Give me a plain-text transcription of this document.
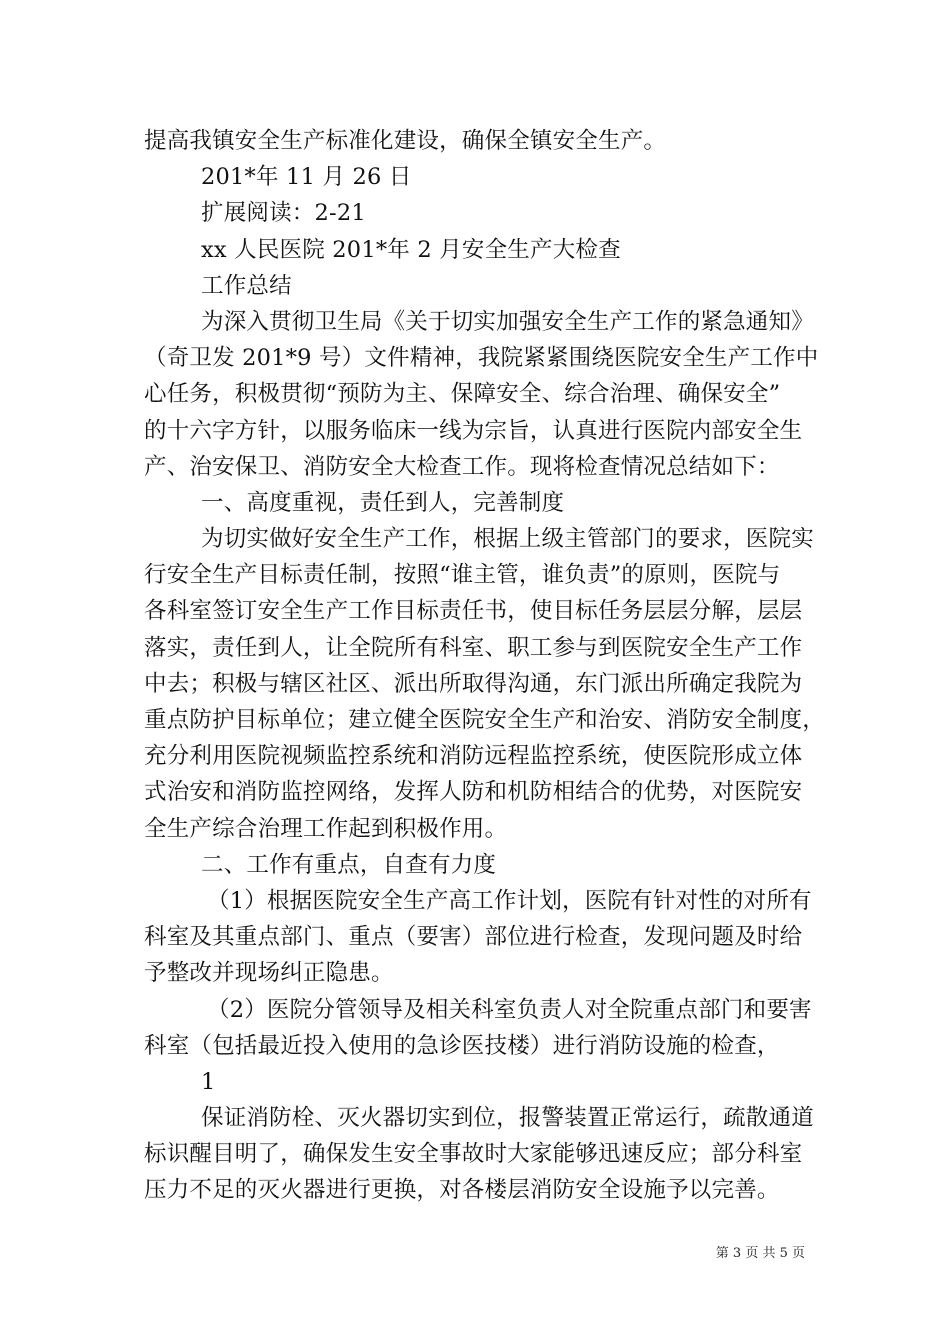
提高我镇安全生产标准化建设，确保全镇安全生产。
201*年 11 月 26 日
扩展阅读：2-21
xx 人民医院 201*年 2 月安全生产大检查
工作总结
为深入贯彻卫生局《关于切实加强安全生产工作的紧急通知》
（奇卫发 201*9 号）文件精神，我院紧紧围绕医院安全生产工作中
心任务，积极贯彻“预防为主、保障安全、综合治理、确保安全”
的十六字方针，以服务临床一线为宗旨，认真进行医院内部安全生
产、治安保卫、消防安全大检查工作。现将检查情况总结如下：
一、高度重视，责任到人，完善制度
为切实做好安全生产工作，根据上级主管部门的要求，医院实
行安全生产目标责任制，按照“谁主管，谁负责”的原则，医院与
各科室签订安全生产工作目标责任书，使目标任务层层分解，层层
落实，责任到人，让全院所有科室、职工参与到医院安全生产工作
中去；积极与辖区社区、派出所取得沟通，东门派出所确定我院为
重点防护目标单位；建立健全医院安全生产和治安、消防安全制度，
充分利用医院视频监控系统和消防远程监控系统，使医院形成立体
式治安和消防监控网络，发挥人防和机防相结合的优势，对医院安
全生产综合治理工作起到积极作用。
二、工作有重点，自查有力度
（1）根据医院安全生产高工作计划，医院有针对性的对所有
科室及其重点部门、重点（要害）部位进行检查，发现问题及时给
予整改并现场纠正隐患。
（2）医院分管领导及相关科室负责人对全院重点部门和要害
科室（包括最近投入使用的急诊医技楼）进行消防设施的检查，
1
保证消防栓、灭火器切实到位，报警装置正常运行，疏散通道
标识醒目明了，确保发生安全事故时大家能够迅速反应；部分科室
压力不足的灭火器进行更换，对各楼层消防安全设施予以完善。
第 3 页 共 5 页
